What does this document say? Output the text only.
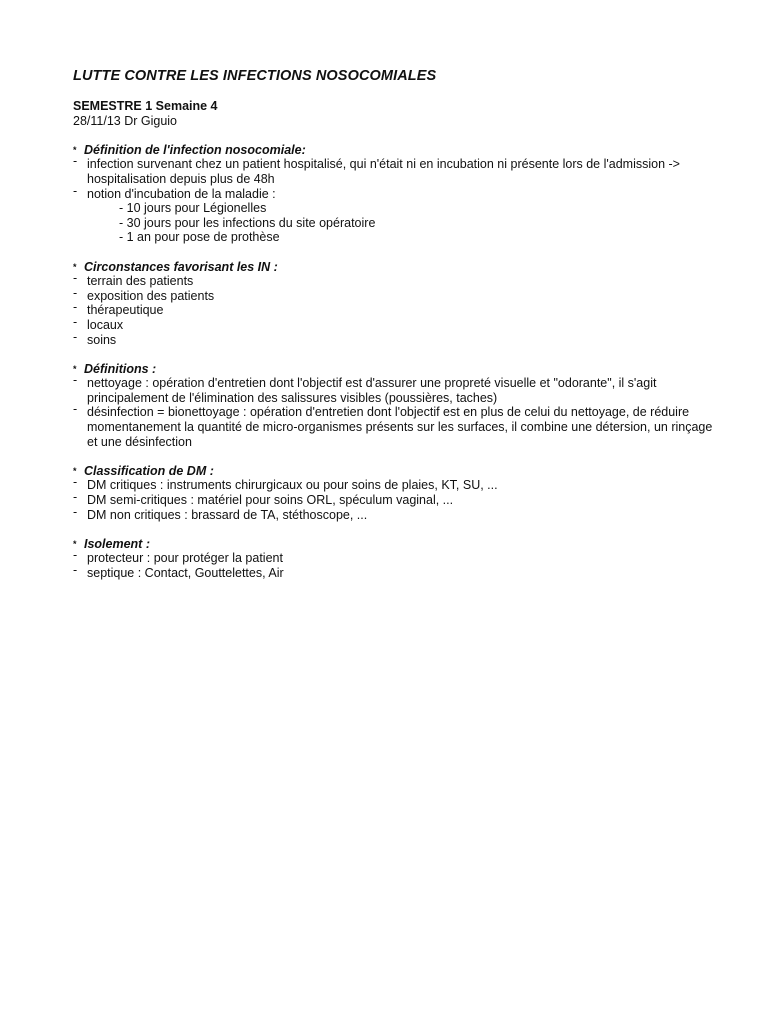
LUTTE CONTRE LES INFECTIONS NOSOCOMIALES
SEMESTRE 1 Semaine 4
28/11/13 Dr Giguio
* Définition de l'infection nosocomiale:
- infection survenant chez un patient hospitalisé, qui n'était ni en incubation ni présente lors de l'admission -> hospitalisation depuis plus de 48h
- notion d'incubation de la maladie :
- 10 jours pour Légionelles
- 30 jours pour les infections du site opératoire
- 1 an pour pose de prothèse
* Circonstances favorisant les IN :
- terrain des patients
- exposition des patients
- thérapeutique
- locaux
- soins
* Définitions :
- nettoyage : opération d'entretien dont l'objectif est d'assurer une propreté visuelle et "odorante", il s'agit principalement de l'élimination des salissures visibles (poussières, taches)
- désinfection = bionettoyage : opération d'entretien dont l'objectif est en plus de celui du nettoyage, de réduire momentanement la quantité de micro-organismes présents sur les surfaces, il combine une détersion, un rinçage et une désinfection
* Classification de DM :
- DM critiques : instruments chirurgicaux ou pour soins de plaies, KT, SU, ...
- DM semi-critiques : matériel pour soins ORL, spéculum vaginal, ...
- DM non critiques : brassard de TA, stéthoscope, ...
* Isolement :
- protecteur : pour protéger la patient
- septique : Contact, Gouttelettes, Air
